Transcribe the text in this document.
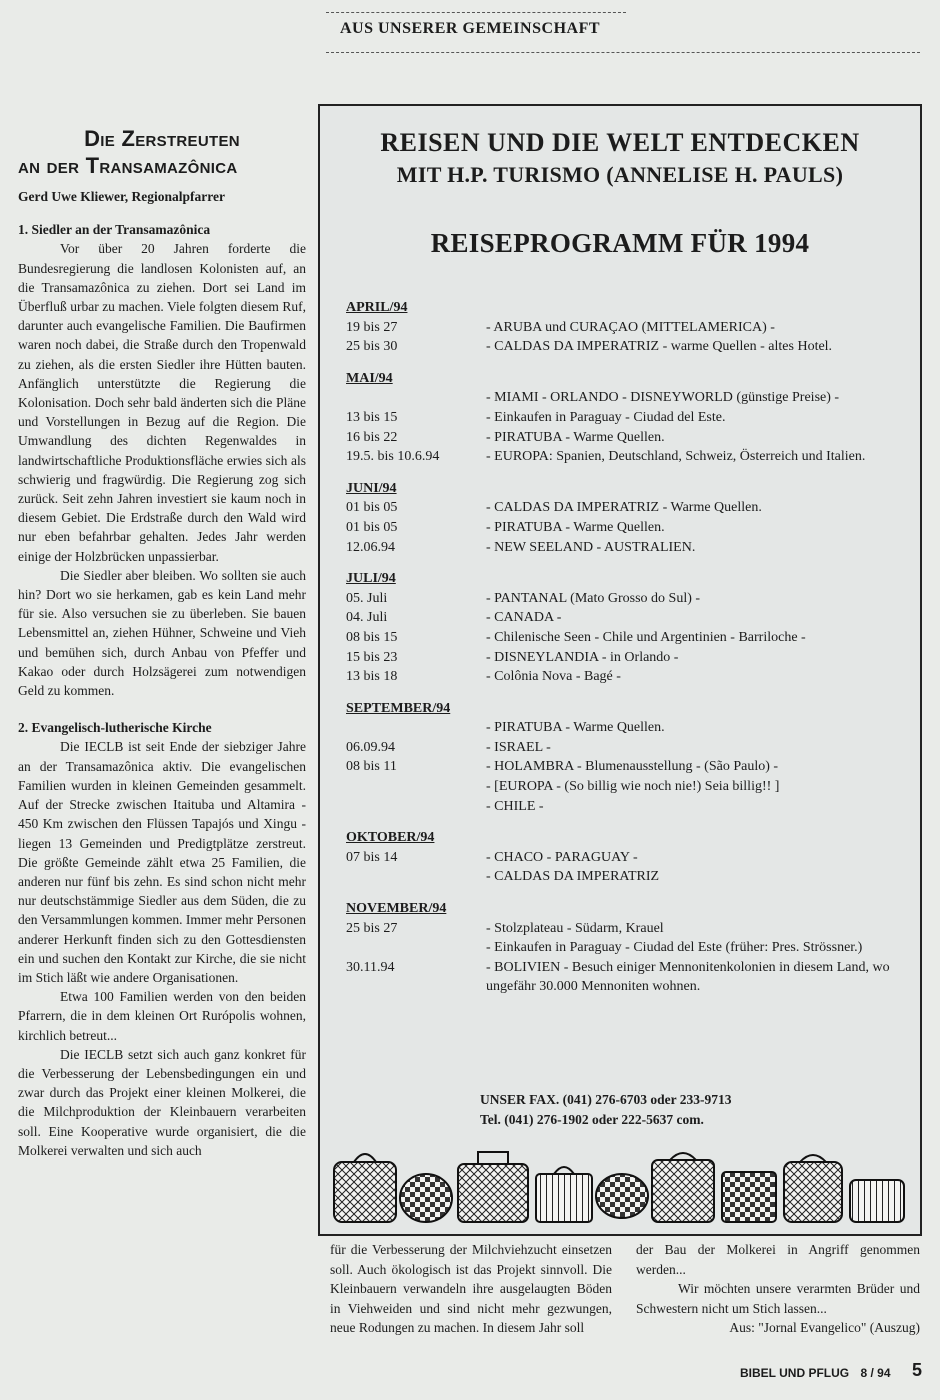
AUS UNSERER GEMEINSCHAFT
Die Zerstreuten
an der Transamazônica
Gerd Uwe Kliewer, Regionalpfarrer
1. Siedler an der Transamazônica

Vor über 20 Jahren forderte die Bundesregierung die landlosen Kolonisten auf, an die Transamazônica zu ziehen. Dort sei Land im Überfluß urbar zu machen. Viele folgten diesem Ruf, darunter auch evangelische Familien. Die Baufirmen waren noch dabei, die Straße durch den Tropenwald zu ziehen, als die ersten Siedler ihre Hütten bauten. Anfänglich unterstützte die Regierung die Kolonisation. Doch sehr bald änderten sich die Pläne und Vorstellungen in Bezug auf die Region. Die Umwandlung des dichten Regenwaldes in landwirtschaftliche Produktionsfläche erwies sich als schwierig und fragwürdig. Die Regierung zog sich zurück. Seit zehn Jahren investiert sie kaum noch in diesem Gebiet. Die Erdstraße durch den Wald wird nur eben befahrbar gehalten. Jedes Jahr werden einige der Holzbrücken unpassierbar.

Die Siedler aber bleiben. Wo sollten sie auch hin? Dort wo sie herkamen, gab es kein Land mehr für sie. Also versuchen sie zu überleben. Sie bauen Lebensmittel an, ziehen Hühner, Schweine und Vieh und bemühen sich, durch Anbau von Pfeffer und Kakao oder durch Holzsägerei zum notwendigen Geld zu kommen.

2. Evangelisch-lutherische Kirche

Die IECLB ist seit Ende der siebziger Jahre an der Transamazônica aktiv. Die evangelischen Familien wurden in kleinen Gemeinden gesammelt. Auf der Strecke zwischen Itaituba und Altamira - 450 Km zwischen den Flüssen Tapajós und Xingu - liegen 13 Gemeinden und Predigtplätze zerstreut. Die größte Gemeinde zählt etwa 25 Familien, die anderen nur fünf bis zehn. Es sind schon nicht mehr nur deutschstämmige Siedler aus dem Süden, die zu den Versammlungen kommen. Immer mehr Personen anderer Herkunft finden sich zu den Gottesdiensten ein und suchen den Kontakt zur Kirche, die sie nicht im Stich läßt wie andere Organisationen.

Etwa 100 Familien werden von den beiden Pfarrern, die in dem kleinen Ort Rurópolis wohnen, kirchlich betreut...

Die IECLB setzt sich auch ganz konkret für die Verbesserung der Lebensbedingungen ein und zwar durch das Projekt einer kleinen Molkerei, die die Milchproduktion der Kleinbauern verarbeiten soll. Eine Kooperative wurde organisiert, die die Molkerei verwalten und sich auch

REISEN UND DIE WELT ENTDECKEN
MIT H.P. TURISMO (ANNELISE H. PAULS)
REISEPROGRAMM FÜR 1994
APRIL/94
19 bis 27	- ARUBA und CURAÇAO (MITTELAMERICA) -
25 bis 30	- CALDAS DA IMPERATRIZ - warme Quellen - altes Hotel.
MAI/94
- MIAMI - ORLANDO - DISNEYWORLD (günstige Preise) -
13 bis 15	- Einkaufen in Paraguay - Ciudad del Este.
16 bis 22	- PIRATUBA - Warme Quellen.
19.5. bis 10.6.94	- EUROPA: Spanien, Deutschland, Schweiz, Österreich und Italien.
JUNI/94
01 bis 05	- CALDAS DA IMPERATRIZ - Warme Quellen.
01 bis 05	- PIRATUBA - Warme Quellen.
12.06.94	- NEW SEELAND - AUSTRALIEN.
JULI/94
05. Juli	- PANTANAL (Mato Grosso do Sul) -
04. Juli	- CANADA -
08 bis 15	- Chilenische Seen - Chile und Argentinien - Barriloche -
15 bis 23	- DISNEYLANDIA - in Orlando -
13 bis 18	- Colônia Nova - Bagé -
SEPTEMBER/94
- PIRATUBA - Warme Quellen.
06.09.94	- ISRAEL -
08 bis 11	- HOLAMBRA - Blumenausstellung - (São Paulo) -
- [EUROPA - (So billig wie noch nie!) Seia billig!! ]
- CHILE -
OKTOBER/94
07 bis 14	- CHACO - PARAGUAY -
- CALDAS DA IMPERATRIZ
NOVEMBER/94
25 bis 27	- Stolzplateau - Südarm, Krauel
- Einkaufen in Paraguay - Ciudad del Este (früher: Pres. Strössner.)
30.11.94	- BOLIVIEN - Besuch einiger Mennonitenkolonien in diesem Land, wo ungefähr 30.000 Mennoniten wohnen.
UNSER FAX. (041) 276-6703 oder 233-9713
Tel. (041) 276-1902 oder 222-5637 com.

für die Verbesserung der Milchviehzucht einsetzen soll. Auch ökologisch ist das Projekt sinnvoll. Die Kleinbauern verwandeln ihre ausgelaugten Böden in Viehweiden und sind nicht mehr gezwungen, neue Rodungen zu machen. In diesem Jahr soll

der Bau der Molkerei in Angriff genommen werden...

Wir möchten unsere verarmten Brüder und Schwestern nicht um Stich lassen...

Aus: "Jornal Evangelico" (Auszug)

BIBEL UND PFLUG 8 / 94 5
